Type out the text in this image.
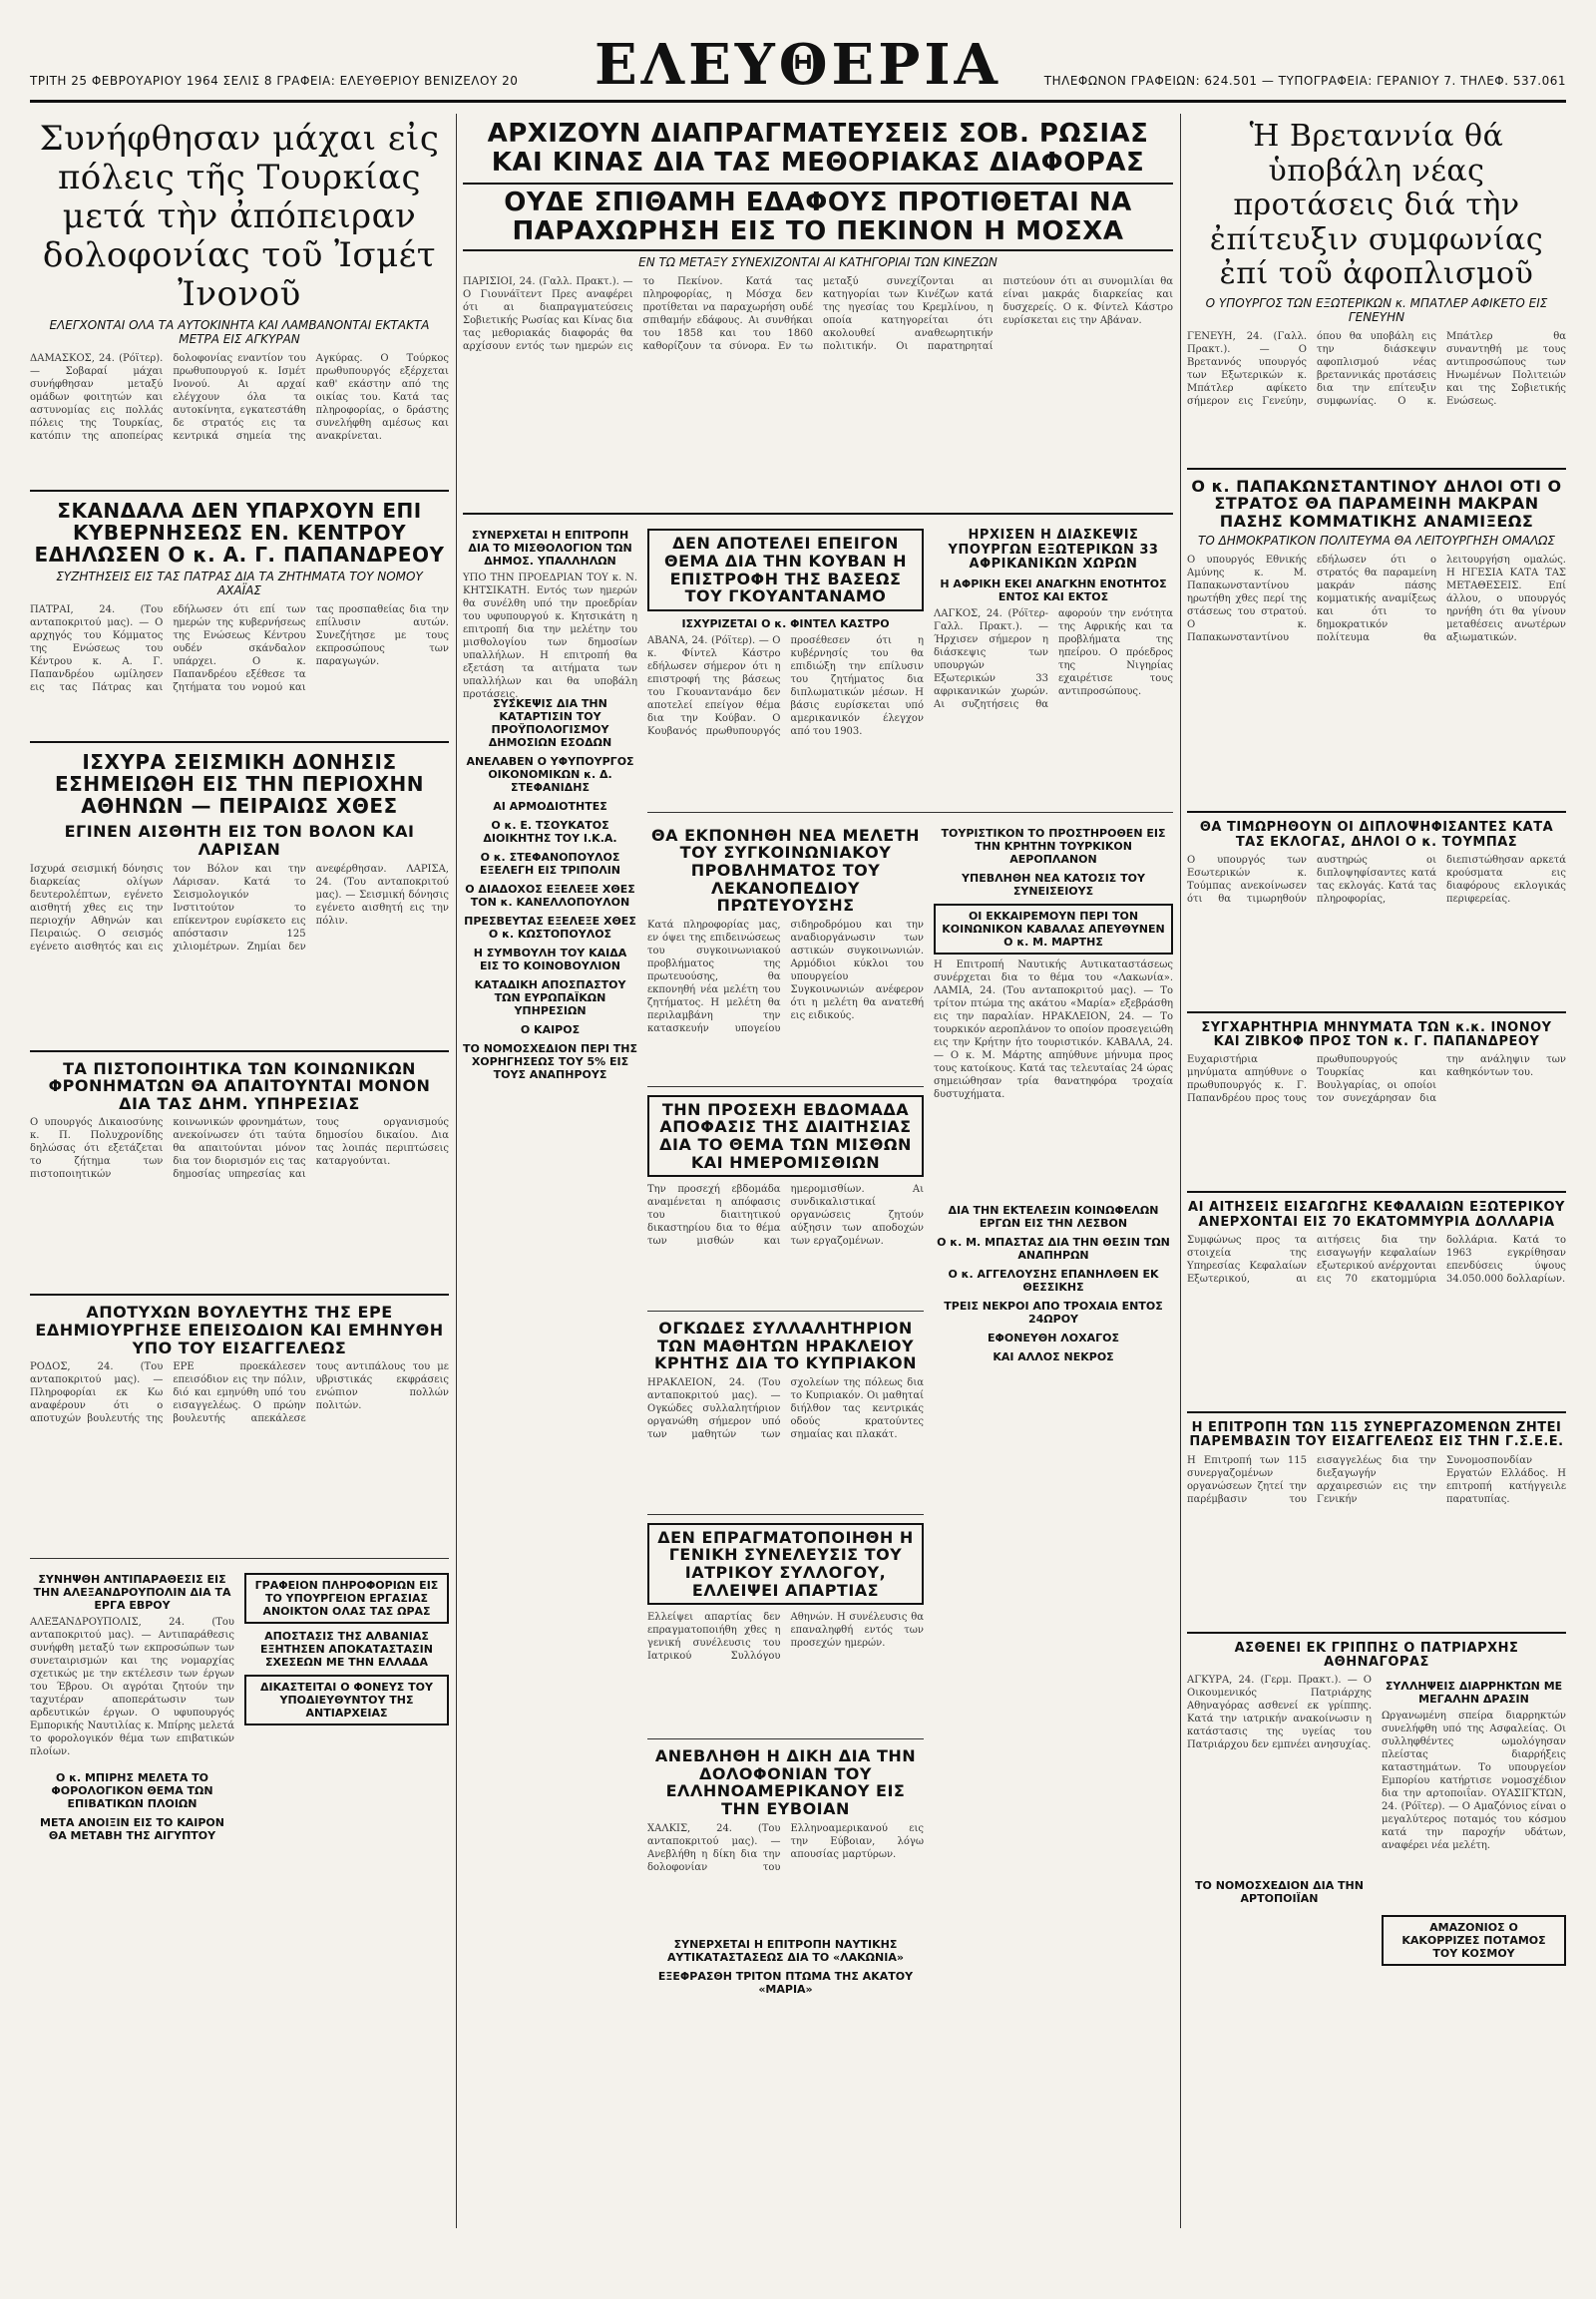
ΤΡΙΤΗ 25 ΦΕΒΡΟΥΑΡΙΟΥ 1964 ΣΕΛΙΣ 8 ΓΡΑΦΕΙΑ: ΕΛΕΥΘΕΡΙΟΥ ΒΕΝΙΖΕΛΟΥ 20	ΕΛΕΥΘΕΡΙΑ	ΤΗΛΕΦΩΝΟΝ ΓΡΑΦΕΙΩΝ: 624.501 — ΤΥΠΟΓΡΑΦΕΙΑ: ΓΕΡΑΝΙΟΥ 7. ΤΗΛΕΦ. 537.061
Συνήφθησαν μάχαι εἰς πόλεις τῆς Τουρκίας μετά τὴν ἀπόπειραν δολοφονίας τοῦ Ἰσμέτ Ἰνονοῦ
ΕΛΕΓΧΟΝΤΑΙ ΟΛΑ ΤΑ ΑΥΤΟΚΙΝΗΤΑ ΚΑΙ ΛΑΜΒΑΝΟΝΤΑΙ ΕΚΤΑΚΤΑ ΜΕΤΡΑ ΕΙΣ ΑΓΚΥΡΑΝ
ΔΑΜΑΣΚΟΣ, 24. (Ρόϊτερ). — Σοβαραί μάχαι συνήφθησαν μεταξύ ομάδων φοιτητών και αστυνομίας εις πολλάς πόλεις της Τουρκίας, κατόπιν της αποπείρας δολοφονίας εναντίον του πρωθυπουργού κ. Ισμέτ Ινονού. Αι αρχαί ελέγχουν όλα τα αυτοκίνητα, εγκατεστάθη δε στρατός εις τα κεντρικά σημεία της Αγκύρας. Ο Τούρκος πρωθυπουργός εξέρχεται καθ' εκάστην από της οικίας του. Κατά τας πληροφορίας, ο δράστης συνελήφθη αμέσως και ανακρίνεται.
ΣΚΑΝΔΑΛΑ ΔΕΝ ΥΠΑΡΧΟΥΝ ΕΠΙ ΚΥΒΕΡΝΗΣΕΩΣ ΕΝ. ΚΕΝΤΡΟΥ ΕΔΗΛΩΣΕΝ Ο κ. Α. Γ. ΠΑΠΑΝΔΡΕΟΥ
ΣΥΖΗΤΗΣΕΙΣ ΕΙΣ ΤΑΣ ΠΑΤΡΑΣ ΔΙΑ ΤΑ ΖΗΤΗΜΑΤΑ ΤΟΥ ΝΟΜΟΥ ΑΧΑΪΑΣ
ΠΑΤΡΑΙ, 24. (Του ανταποκριτού μας). — Ο αρχηγός του Κόμματος της Ενώσεως του Κέντρου κ. Α. Γ. Παπανδρέου ωμίλησεν εις τας Πάτρας και εδήλωσεν ότι επί των ημερών της κυβερνήσεως της Ενώσεως Κέντρου ουδέν σκάνδαλον υπάρχει. Ο κ. Παπανδρέου εξέθεσε τα ζητήματα του νομού και τας προσπαθείας δια την επίλυσιν αυτών. Συνεζήτησε με τους εκπροσώπους των παραγωγών.
ΙΣΧΥΡΑ ΣΕΙΣΜΙΚΗ ΔΟΝΗΣΙΣ ΕΣΗΜΕΙΩΘΗ ΕΙΣ ΤΗΝ ΠΕΡΙΟΧΗΝ ΑΘΗΝΩΝ — ΠΕΙΡΑΙΩΣ ΧΘΕΣ
ΕΓΙΝΕΝ ΑΙΣΘΗΤΗ ΕΙΣ ΤΟΝ ΒΟΛΟΝ ΚΑΙ ΛΑΡΙΣΑΝ
Ισχυρά σεισμική δόνησις διαρκείας ολίγων δευτερολέπτων, εγένετο αισθητή χθες εις την περιοχήν Αθηνών και Πειραιώς. Ο σεισμός εγένετο αισθητός και εις τον Βόλον και την Λάρισαν. Κατά το Σεισμολογικόν Ινστιτούτον το επίκεντρον ευρίσκετο εις απόστασιν 125 χιλιομέτρων. Ζημίαι δεν ανεφέρθησαν. ΛΑΡΙΣΑ, 24. (Του ανταποκριτού μας). — Σεισμική δόνησις εγένετο αισθητή εις την πόλιν.
ΤΑ ΠΙΣΤΟΠΟΙΗΤΙΚΑ ΤΩΝ ΚΟΙΝΩΝΙΚΩΝ ΦΡΟΝΗΜΑΤΩΝ ΘΑ ΑΠΑΙΤΟΥΝΤΑΙ ΜΟΝΟΝ ΔΙΑ ΤΑΣ ΔΗΜ. ΥΠΗΡΕΣΙΑΣ
Ο υπουργός Δικαιοσύνης κ. Π. Πολυχρονίδης δηλώσας ότι εξετάζεται το ζήτημα των πιστοποιητικών κοινωνικών φρονημάτων, ανεκοίνωσεν ότι ταύτα θα απαιτούνται μόνον δια τον διορισμόν εις τας δημοσίας υπηρεσίας και τους οργανισμούς δημοσίου δικαίου. Δια τας λοιπάς περιπτώσεις καταργούνται.
ΑΠΟΤΥΧΩΝ ΒΟΥΛΕΥΤΗΣ ΤΗΣ ΕΡΕ ΕΔΗΜΙΟΥΡΓΗΣΕ ΕΠΕΙΣΟΔΙΟΝ ΚΑΙ ΕΜΗΝΥΘΗ ΥΠΟ ΤΟΥ ΕΙΣΑΓΓΕΛΕΩΣ
ΡΟΔΟΣ, 24. (Του ανταποκριτού μας). — Πληροφορίαι εκ Κω αναφέρουν ότι ο αποτυχών βουλευτής της ΕΡΕ προεκάλεσεν επεισόδιον εις την πόλιν, διό και εμηνύθη υπό του εισαγγελέως. Ο πρώην βουλευτής απεκάλεσε τους αντιπάλους του με υβριστικάς εκφράσεις ενώπιον πολλών πολιτών.
ΣΥΝΗΨΘΗ ΑΝΤΙΠΑΡΑΘΕΣΙΣ ΕΙΣ ΤΗΝ ΑΛΕΞΑΝΔΡΟΥΠΟΛΙΝ ΔΙΑ ΤΑ ΕΡΓΑ ΕΒΡΟΥ
ΑΛΕΞΑΝΔΡΟΥΠΟΛΙΣ, 24. (Του ανταποκριτού μας). — Αντιπαράθεσις συνήφθη μεταξύ των εκπροσώπων των συνεταιρισμών και της νομαρχίας σχετικώς με την εκτέλεσιν των έργων του Έβρου. Οι αγρόται ζητούν την ταχυτέραν αποπεράτωσιν των αρδευτικών έργων. Ο υφυπουργός Εμπορικής Ναυτιλίας κ. Μπίρης μελετά το φορολογικόν θέμα των επιβατικών πλοίων.
Ο κ. ΜΠΙΡΗΣ ΜΕΛΕΤΑ ΤΟ ΦΟΡΟΛΟΓΙΚΟΝ ΘΕΜΑ ΤΩΝ ΕΠΙΒΑΤΙΚΩΝ ΠΛΟΙΩΝ
ΜΕΤΑ ΑΝΟΙΞΙΝ ΕΙΣ ΤΟ ΚΑΙΡΟΝ ΘΑ ΜΕΤΑΒΗ ΤΗΣ ΑΙΓΥΠΤΟΥ
ΓΡΑΦΕΙΟΝ ΠΛΗΡΟΦΟΡΙΩΝ ΕΙΣ ΤΟ ΥΠΟΥΡΓΕΙΟΝ ΕΡΓΑΣΙΑΣ ΑΝΟΙΚΤΟΝ ΟΛΑΣ ΤΑΣ ΩΡΑΣ
ΑΠΟΣΤΑΣΙΣ ΤΗΣ ΑΛΒΑΝΙΑΣ ΕΞΗΤΗΣΕΝ ΑΠΟΚΑΤΑΣΤΑΣΙΝ ΣΧΕΣΕΩΝ ΜΕ ΤΗΝ ΕΛΛΑΔΑ
ΔΙΚΑΣΤΕΙΤΑΙ Ο ΦΟΝΕΥΣ ΤΟΥ ΥΠΟΔΙΕΥΘΥΝΤΟΥ ΤΗΣ ΑΝΤΙΑΡΧΕΙΑΣ
ΑΡΧΙΖΟΥΝ ΔΙΑΠΡΑΓΜΑΤΕΥΣΕΙΣ ΣΟΒ. ΡΩΣΙΑΣ ΚΑΙ ΚΙΝΑΣ ΔΙΑ ΤΑΣ ΜΕΘΟΡΙΑΚΑΣ ΔΙΑΦΟΡΑΣ
ΟΥΔΕ ΣΠΙΘΑΜΗ ΕΔΑΦΟΥΣ ΠΡΟΤΙΘΕΤΑΙ ΝΑ ΠΑΡΑΧΩΡΗΣΗ ΕΙΣ ΤΟ ΠΕΚΙΝΟΝ Η ΜΟΣΧΑ
ΕΝ ΤΩ ΜΕΤΑΞΥ ΣΥΝΕΧΙΖΟΝΤΑΙ ΑΙ ΚΑΤΗΓΟΡΙΑΙ ΤΩΝ ΚΙΝΕΖΩΝ
ΠΑΡΙΣΙΟΙ, 24. (Γαλλ. Πρακτ.). — Ο Γιουνάϊτεντ Πρες αναφέρει ότι αι διαπραγματεύσεις Σοβιετικής Ρωσίας και Κίνας δια τας μεθοριακάς διαφοράς θα αρχίσουν εντός των ημερών εις το Πεκίνον. Κατά τας πληροφορίας, η Μόσχα δεν προτίθεται να παραχωρήση ουδέ σπιθαμήν εδάφους. Αι συνθήκαι του 1858 και του 1860 καθορίζουν τα σύνορα. Εν τω μεταξύ συνεχίζονται αι κατηγορίαι των Κινέζων κατά της ηγεσίας του Κρεμλίνου, η οποία κατηγορείται ότι ακολουθεί αναθεωρητικήν πολιτικήν. Οι παρατηρηταί πιστεύουν ότι αι συνομιλίαι θα είναι μακράς διαρκείας και δυσχερείς. Ο κ. Φίντελ Κάστρο ευρίσκεται εις την Αβάναν.
ΣΥΝΕΡΧΕΤΑΙ Η ΕΠΙΤΡΟΠΗ ΔΙΑ ΤΟ ΜΙΣΘΟΛΟΓΙΟΝ ΤΩΝ ΔΗΜΟΣ. ΥΠΑΛΛΗΛΩΝ
ΥΠΟ ΤΗΝ ΠΡΟΕΔΡΙΑΝ ΤΟΥ κ. Ν. ΚΗΤΣΙΚΑΤΗ. Εντός των ημερών θα συνέλθη υπό την προεδρίαν του υφυπουργού κ. Κητσικάτη η επιτροπή δια την μελέτην του μισθολογίου των δημοσίων υπαλλήλων. Η επιτροπή θα εξετάση τα αιτήματα των υπαλλήλων και θα υποβάλη προτάσεις.
ΣΥΣΚΕΨΙΣ ΔΙΑ ΤΗΝ ΚΑΤΑΡΤΙΣΙΝ ΤΟΥ ΠΡΟΫΠΟΛΟΓΙΣΜΟΥ ΔΗΜΟΣΙΩΝ ΕΣΟΔΩΝ
ΑΝΕΛΑΒΕΝ Ο ΥΦΥΠΟΥΡΓΟΣ ΟΙΚΟΝΟΜΙΚΩΝ κ. Δ. ΣΤΕΦΑΝΙΔΗΣ
ΑΙ ΑΡΜΟΔΙΟΤΗΤΕΣ
Ο κ. Ε. ΤΣΟΥΚΑΤΟΣ ΔΙΟΙΚΗΤΗΣ ΤΟΥ Ι.Κ.Α.
Ο κ. ΣΤΕΦΑΝΟΠΟΥΛΟΣ ΕΞΕΛΕΓΗ ΕΙΣ ΤΡΙΠΟΛΙΝ
Ο ΔΙΑΔΟΧΟΣ ΕΞΕΛΕΞΕ ΧΘΕΣ ΤΟΝ κ. ΚΑΝΕΛΛΟΠΟΥΛΟΝ
ΠΡΕΣΒΕΥΤΑΣ ΕΞΕΛΕΞΕ ΧΘΕΣ Ο κ. ΚΩΣΤΟΠΟΥΛΟΣ
Η ΣΥΜΒΟΥΛΗ ΤΟΥ ΚΑΙΔΑ ΕΙΣ ΤΟ ΚΟΙΝΟΒΟΥΛΙΟΝ
ΚΑΤΑΔΙΚΗ ΑΠΟΣΠΑΣΤΟΥ ΤΩΝ ΕΥΡΩΠΑΪΚΩΝ ΥΠΗΡΕΣΙΩΝ
Ο ΚΑΙΡΟΣ
ΤΟ ΝΟΜΟΣΧΕΔΙΟΝ ΠΕΡΙ ΤΗΣ ΧΟΡΗΓΗΣΕΩΣ ΤΟΥ 5% ΕΙΣ ΤΟΥΣ ΑΝΑΠΗΡΟΥΣ
ΔΕΝ ΑΠΟΤΕΛΕΙ ΕΠΕΙΓΟΝ ΘΕΜΑ ΔΙΑ ΤΗΝ ΚΟΥΒΑΝ Η ΕΠΙΣΤΡΟΦΗ ΤΗΣ ΒΑΣΕΩΣ ΤΟΥ ΓΚΟΥΑΝΤΑΝΑΜΟ
ΙΣΧΥΡΙΖΕΤΑΙ Ο κ. ΦΙΝΤΕΛ ΚΑΣΤΡΟ
ΑΒΑΝΑ, 24. (Ρόϊτερ). — Ο κ. Φίντελ Κάστρο εδήλωσεν σήμερον ότι η επιστροφή της βάσεως του Γκουαντανάμο δεν αποτελεί επείγον θέμα δια την Κούβαν. Ο Κουβανός πρωθυπουργός προσέθεσεν ότι η κυβέρνησίς του θα επιδιώξη την επίλυσιν του ζητήματος δια διπλωματικών μέσων. Η βάσις ευρίσκεται υπό αμερικανικόν έλεγχον από του 1903.
ΗΡΧΙΣΕΝ Η ΔΙΑΣΚΕΨΙΣ ΥΠΟΥΡΓΩΝ ΕΞΩΤΕΡΙΚΩΝ 33 ΑΦΡΙΚΑΝΙΚΩΝ ΧΩΡΩΝ
Η ΑΦΡΙΚΗ ΕΚΕΙ ΑΝΑΓΚΗΝ ΕΝΟΤΗΤΟΣ ΕΝΤΟΣ ΚΑΙ ΕΚΤΟΣ
ΛΑΓΚΟΣ, 24. (Ρόϊτερ-Γαλλ. Πρακτ.). — Ήρχισεν σήμερον η διάσκεψις των υπουργών Εξωτερικών 33 αφρικανικών χωρών. Αι συζητήσεις θα αφορούν την ενότητα της Αφρικής και τα προβλήματα της ηπείρου. Ο πρόεδρος της Νιγηρίας εχαιρέτισε τους αντιπροσώπους.
ΘΑ ΕΚΠΟΝΗΘΗ ΝΕΑ ΜΕΛΕΤΗ ΤΟΥ ΣΥΓΚΟΙΝΩΝΙΑΚΟΥ ΠΡΟΒΛΗΜΑΤΟΣ ΤΟΥ ΛΕΚΑΝΟΠΕΔΙΟΥ ΠΡΩΤΕΥΟΥΣΗΣ
Κατά πληροφορίας μας, εν όψει της επιδεινώσεως του συγκοινωνιακού προβλήματος της πρωτευούσης, θα εκπονηθή νέα μελέτη του ζητήματος. Η μελέτη θα περιλαμβάνη την κατασκευήν υπογείου σιδηροδρόμου και την αναδιοργάνωσιν των αστικών συγκοινωνιών. Αρμόδιοι κύκλοι του υπουργείου Συγκοινωνιών ανέφερον ότι η μελέτη θα ανατεθή εις ειδικούς.
ΤΗΝ ΠΡΟΣΕΧΗ ΕΒΔΟΜΑΔΑ ΑΠΟΦΑΣΙΣ ΤΗΣ ΔΙΑΙΤΗΣΙΑΣ ΔΙΑ ΤΟ ΘΕΜΑ ΤΩΝ ΜΙΣΘΩΝ ΚΑΙ ΗΜΕΡΟΜΙΣΘΙΩΝ
Την προσεχή εβδομάδα αναμένεται η απόφασις του διαιτητικού δικαστηρίου δια το θέμα των μισθών και ημερομισθίων. Αι συνδικαλιστικαί οργανώσεις ζητούν αύξησιν των αποδοχών των εργαζομένων.
ΟΓΚΩΔΕΣ ΣΥΛΛΑΛΗΤΗΡΙΟΝ ΤΩΝ ΜΑΘΗΤΩΝ ΗΡΑΚΛΕΙΟΥ ΚΡΗΤΗΣ ΔΙΑ ΤΟ ΚΥΠΡΙΑΚΟΝ
ΗΡΑΚΛΕΙΟΝ, 24. (Του ανταποκριτού μας). — Ογκώδες συλλαλητήριον οργανώθη σήμερον υπό των μαθητών των σχολείων της πόλεως δια το Κυπριακόν. Οι μαθηταί διήλθον τας κεντρικάς οδούς κρατούντες σημαίας και πλακάτ.
ΔΕΝ ΕΠΡΑΓΜΑΤΟΠΟΙΗΘΗ Η ΓΕΝΙΚΗ ΣΥΝΕΛΕΥΣΙΣ ΤΟΥ ΙΑΤΡΙΚΟΥ ΣΥΛΛΟΓΟΥ, ΕΛΛΕΙΨΕΙ ΑΠΑΡΤΙΑΣ
Ελλείψει απαρτίας δεν επραγματοποιήθη χθες η γενική συνέλευσις του Ιατρικού Συλλόγου Αθηνών. Η συνέλευσις θα επαναληφθή εντός των προσεχών ημερών.
ΑΝΕΒΛΗΘΗ Η ΔΙΚΗ ΔΙΑ ΤΗΝ ΔΟΛΟΦΟΝΙΑΝ ΤΟΥ ΕΛΛΗΝΟΑΜΕΡΙΚΑΝΟΥ ΕΙΣ ΤΗΝ ΕΥΒΟΙΑΝ
ΧΑΛΚΙΣ, 24. (Του ανταποκριτού μας). — Ανεβλήθη η δίκη δια την δολοφονίαν του Ελληνοαμερικανού εις την Εύβοιαν, λόγω απουσίας μαρτύρων.
ΣΥΝΕΡΧΕΤΑΙ Η ΕΠΙΤΡΟΠΗ ΝΑΥΤΙΚΗΣ ΑΥΤΙΚΑΤΑΣΤΑΣΕΩΣ ΔΙΑ ΤΟ «ΛΑΚΩΝΙΑ»
ΕΞΕΦΡΑΣΘΗ ΤΡΙΤΟΝ ΠΤΩΜΑ ΤΗΣ ΑΚΑΤΟΥ «ΜΑΡΙΑ»
ΤΟΥΡΙΣΤΙΚΟΝ ΤΟ ΠΡΟΣΤΗΡΟΘΕΝ ΕΙΣ ΤΗΝ ΚΡΗΤΗΝ ΤΟΥΡΚΙΚΟΝ ΑΕΡΟΠΛΑΝΟΝ
ΥΠΕΒΛΗΘΗ ΝΕΑ ΚΑΤΟΣΙΣ ΤΟΥ ΣΥΝΕΙΣΕΙΟΥΣ
ΟΙ ΕΚΚΑΙΡΕΜΟΥΝ ΠΕΡΙ ΤΟΝ ΚΟΙΝΩΝΙΚΟΝ ΚΑΒΑΛΑΣ ΑΠΕΥΘΥΝΕΝ Ο κ. Μ. ΜΑΡΤΗΣ
Η Επιτροπή Ναυτικής Αυτικαταστάσεως συνέρχεται δια το θέμα του «Λακωνία». ΛΑΜΙΑ, 24. (Του ανταποκριτού μας). — Το τρίτον πτώμα της ακάτου «Μαρία» εξεβράσθη εις την παραλίαν. ΗΡΑΚΛΕΙΟΝ, 24. — Το τουρκικόν αεροπλάνον το οποίον προσεγειώθη εις την Κρήτην ήτο τουριστικόν. ΚΑΒΑΛΑ, 24. — Ο κ. Μ. Μάρτης απηύθυνε μήνυμα προς τους κατοίκους. Κατά τας τελευταίας 24 ώρας σημειώθησαν τρία θανατηφόρα τροχαία δυστυχήματα.
ΔΙΑ ΤΗΝ ΕΚΤΕΛΕΣΙΝ ΚΟΙΝΩΦΕΛΩΝ ΕΡΓΩΝ ΕΙΣ ΤΗΝ ΛΕΣΒΟΝ
Ο κ. Μ. ΜΠΑΣΤΑΣ ΔΙΑ ΤΗΝ ΘΕΣΙΝ ΤΩΝ ΑΝΑΠΗΡΩΝ
Ο κ. ΑΓΓΕΛΟΥΣΗΣ ΕΠΑΝΗΛΘΕΝ ΕΚ ΘΕΣΣΙΚΗΣ
ΤΡΕΙΣ ΝΕΚΡΟΙ ΑΠΟ ΤΡΟΧΑΙΑ ΕΝΤΟΣ 24ΩΡΟΥ
ΕΦΟΝΕΥΘΗ ΛΟΧΑΓΟΣ
ΚΑΙ ΑΛΛΟΣ ΝΕΚΡΟΣ
Ἡ Βρεταννία θά ὑποβάλη νέας προτάσεις διά τὴν ἐπίτευξιν συμφωνίας ἐπί τοῦ ἀφοπλισμοῦ
Ο ΥΠΟΥΡΓΟΣ ΤΩΝ ΕΞΩΤΕΡΙΚΩΝ κ. ΜΠΑΤΛΕΡ ΑΦΙΚΕΤΟ ΕΙΣ ΓΕΝΕΥΗΝ
ΓΕΝΕΥΗ, 24. (Γαλλ. Πρακτ.). — Ο Βρεταννός υπουργός των Εξωτερικών κ. Μπάτλερ αφίκετο σήμερον εις Γενεύην, όπου θα υποβάλη εις την διάσκεψιν αφοπλισμού νέας βρεταννικάς προτάσεις δια την επίτευξιν συμφωνίας. Ο κ. Μπάτλερ θα συναντηθή με τους αντιπροσώπους των Ηνωμένων Πολιτειών και της Σοβιετικής Ενώσεως.
Ο κ. ΠΑΠΑΚΩΝΣΤΑΝΤΙΝΟΥ ΔΗΛΟΙ ΟΤΙ Ο ΣΤΡΑΤΟΣ ΘΑ ΠΑΡΑΜΕΙΝΗ ΜΑΚΡΑΝ ΠΑΣΗΣ ΚΟΜΜΑΤΙΚΗΣ ΑΝΑΜΙΞΕΩΣ
ΤΟ ΔΗΜΟΚΡΑΤΙΚΟΝ ΠΟΛΙΤΕΥΜΑ ΘΑ ΛΕΙΤΟΥΡΓΗΣΗ ΟΜΑΛΩΣ
Ο υπουργός Εθνικής Αμύνης κ. Μ. Παπακωνσταντίνου ηρωτήθη χθες περί της στάσεως του στρατού. Ο κ. Παπακωνσταντίνου εδήλωσεν ότι ο στρατός θα παραμείνη μακράν πάσης κομματικής αναμίξεως και ότι το δημοκρατικόν πολίτευμα θα λειτουργήση ομαλώς. Η ΗΓΕΣΙΑ ΚΑΤΑ ΤΑΣ ΜΕΤΑΘΕΣΕΙΣ. Επί άλλου, ο υπουργός ηρνήθη ότι θα γίνουν μεταθέσεις ανωτέρων αξιωματικών.
ΘΑ ΤΙΜΩΡΗΘΟΥΝ ΟΙ ΔΙΠΛΟΨΗΦΙΣΑΝΤΕΣ ΚΑΤΑ ΤΑΣ ΕΚΛΟΓΑΣ, ΔΗΛΟΙ Ο κ. ΤΟΥΜΠΑΣ
Ο υπουργός των Εσωτερικών κ. Τούμπας ανεκοίνωσεν ότι θα τιμωρηθούν αυστηρώς οι διπλοψηφίσαντες κατά τας εκλογάς. Κατά τας πληροφορίας, διεπιστώθησαν αρκετά κρούσματα εις διαφόρους εκλογικάς περιφερείας.
ΣΥΓΧΑΡΗΤΗΡΙΑ ΜΗΝΥΜΑΤΑ ΤΩΝ κ.κ. ΙΝΟΝΟΥ ΚΑΙ ΖΙΒΚΟΦ ΠΡΟΣ ΤΟΝ κ. Γ. ΠΑΠΑΝΔΡΕΟΥ
Ευχαριστήρια μηνύματα απηύθυνε ο πρωθυπουργός κ. Γ. Παπανδρέου προς τους πρωθυπουργούς Τουρκίας και Βουλγαρίας, οι οποίοι τον συνεχάρησαν δια την ανάληψιν των καθηκόντων του.
ΑΙ ΑΙΤΗΣΕΙΣ ΕΙΣΑΓΩΓΗΣ ΚΕΦΑΛΑΙΩΝ ΕΞΩΤΕΡΙΚΟΥ ΑΝΕΡΧΟΝΤΑΙ ΕΙΣ 70 ΕΚΑΤΟΜΜΥΡΙΑ ΔΟΛΛΑΡΙΑ
Συμφώνως προς τα στοιχεία της Υπηρεσίας Κεφαλαίων Εξωτερικού, αι αιτήσεις δια την εισαγωγήν κεφαλαίων εξωτερικού ανέρχονται εις 70 εκατομμύρια δολλάρια. Κατά το 1963 εγκρίθησαν επενδύσεις ύψους 34.050.000 δολλαρίων.
Η ΕΠΙΤΡΟΠΗ ΤΩΝ 115 ΣΥΝΕΡΓΑΖΟΜΕΝΩΝ ΖΗΤΕΙ ΠΑΡΕΜΒΑΣΙΝ ΤΟΥ ΕΙΣΑΓΓΕΛΕΩΣ ΕΙΣ ΤΗΝ Γ.Σ.Ε.Ε.
Η Επιτροπή των 115 συνεργαζομένων οργανώσεων ζητεί την παρέμβασιν του εισαγγελέως δια την διεξαγωγήν αρχαιρεσιών εις την Γενικήν Συνομοσπονδίαν Εργατών Ελλάδος. Η επιτροπή κατήγγειλε παρατυπίας.
ΑΣΘΕΝΕΙ ΕΚ ΓΡΙΠΠΗΣ Ο ΠΑΤΡΙΑΡΧΗΣ ΑΘΗΝΑΓΟΡΑΣ
ΑΓΚΥΡΑ, 24. (Γερμ. Πρακτ.). — Ο Οικουμενικός Πατριάρχης Αθηναγόρας ασθενεί εκ γρίππης. Κατά την ιατρικήν ανακοίνωσιν η κατάστασις της υγείας του Πατριάρχου δεν εμπνέει ανησυχίας.
ΤΟ ΝΟΜΟΣΧΕΔΙΟΝ ΔΙΑ ΤΗΝ ΑΡΤΟΠΟΙΪΑΝ
ΣΥΛΛΗΨΕΙΣ ΔΙΑΡΡΗΚΤΩΝ ΜΕ ΜΕΓΑΛΗΝ ΔΡΑΣΙΝ
Ωργανωμένη σπείρα διαρρηκτών συνελήφθη υπό της Ασφαλείας. Οι συλληφθέντες ωμολόγησαν πλείστας διαρρήξεις καταστημάτων. Το υπουργείον Εμπορίου κατήρτισε νομοσχέδιον δια την αρτοποιΐαν. ΟΥΑΣΙΓΚΤΩΝ, 24. (Ρόϊτερ). — Ο Αμαζόνιος είναι ο μεγαλύτερος ποταμός του κόσμου κατά την παροχήν υδάτων, αναφέρει νέα μελέτη.
ΑΜΑΖΟΝΙΟΣ Ο ΚΑΚΟΡΡΙΖΕΣ ΠΟΤΑΜΟΣ ΤΟΥ ΚΟΣΜΟΥ
